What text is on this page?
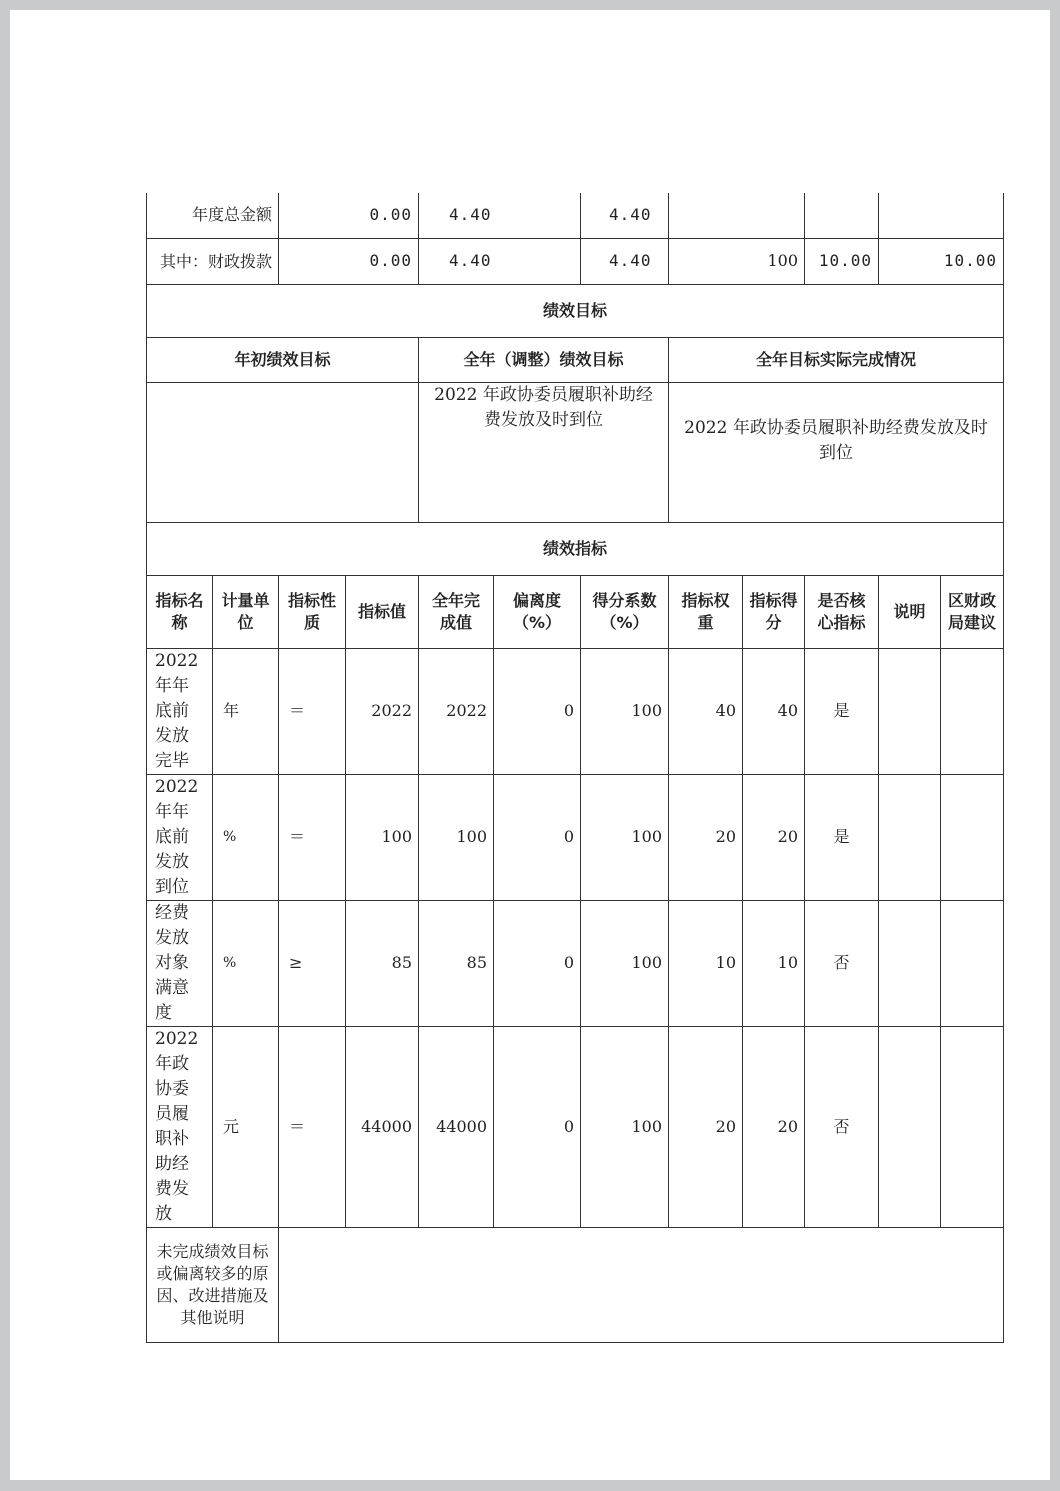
年度总金额		0.00		4.40		4.40					
其中：财政拨款		0.00		4.40		4.40	100		10.00	10.00	
绩效目标											
年初绩效目标				全年（调整）绩效目标			全年目标实际完成情况				
				2022 年政协委员履职补助经费发放及时到位			2022 年政协委员履职补助经费发放及时到位				
绩效指标											
指标名称	计量单位	指标性质	指标值	全年完成值	偏离度（%）	得分系数（%）	指标权重	指标得分	是否核心指标	说明	区财政局建议
2022年年底前发放完毕	年	＝	2022	2022	0	100	40	40	是		
2022年年底前发放到位	%	＝	100	100	0	100	20	20	是		
经费发放对象满意度	%	≥	85	85	0	100	10	10	否		
2022年政协委员履职补助经费发放	元	＝	44000	44000	0	100	20	20	否		
未完成绩效目标或偏离较多的原因、改进措施及其他说明											
